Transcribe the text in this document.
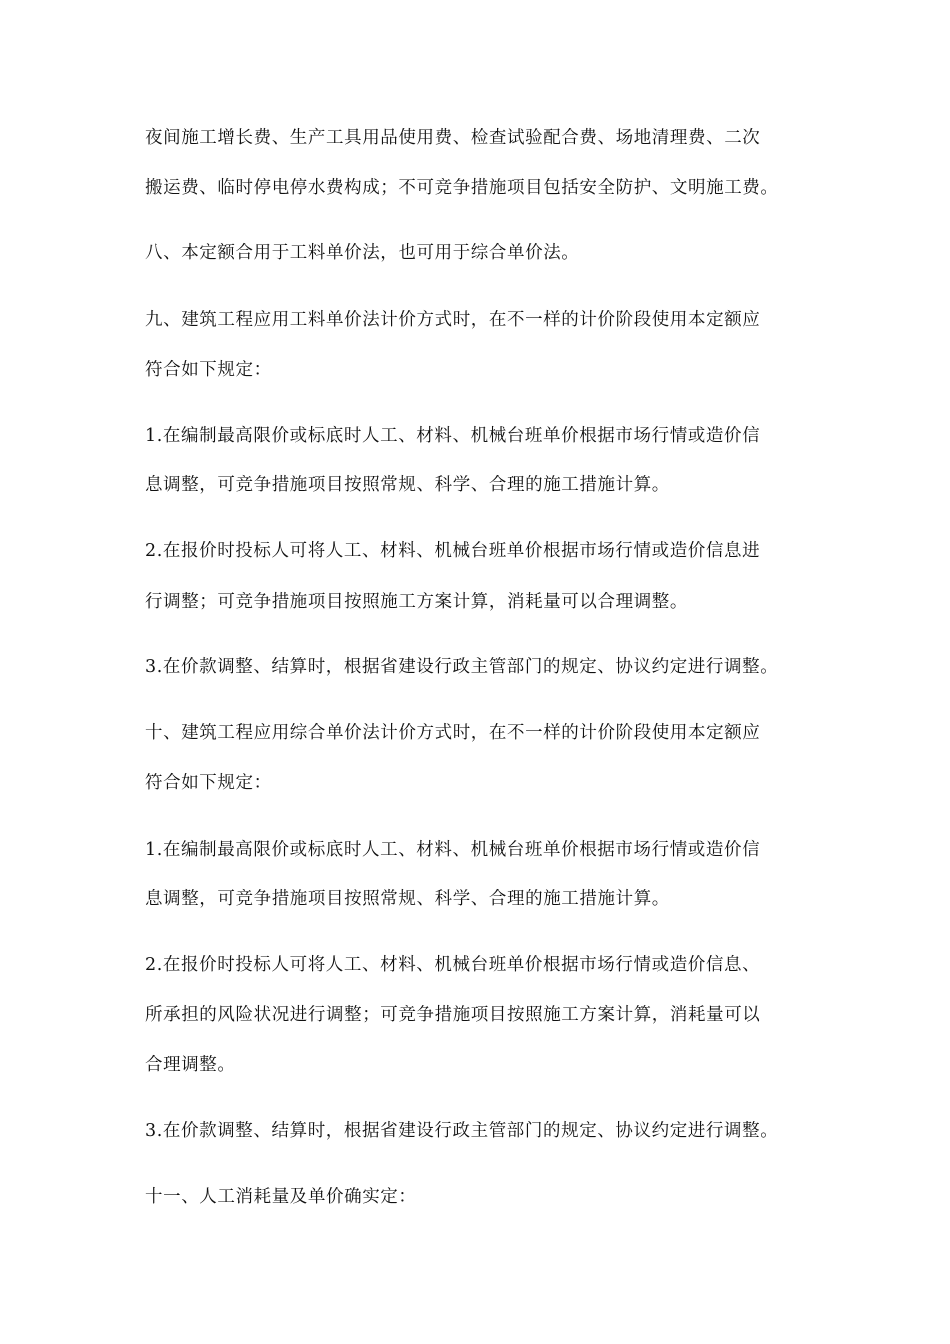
夜间施工增长费、生产工具用品使用费、检查试验配合费、场地清理费、二次
搬运费、临时停电停水费构成；不可竞争措施项目包括安全防护、文明施工费。
八、本定额合用于工料单价法，也可用于综合单价法。
九、建筑工程应用工料单价法计价方式时，在不一样的计价阶段使用本定额应
符合如下规定：
1.在编制最高限价或标底时人工、材料、机械台班单价根据市场行情或造价信
息调整，可竞争措施项目按照常规、科学、合理的施工措施计算。
2.在报价时投标人可将人工、材料、机械台班单价根据市场行情或造价信息进
行调整；可竞争措施项目按照施工方案计算，消耗量可以合理调整。
3.在价款调整、结算时，根据省建设行政主管部门的规定、协议约定进行调整。
十、建筑工程应用综合单价法计价方式时，在不一样的计价阶段使用本定额应
符合如下规定：
1.在编制最高限价或标底时人工、材料、机械台班单价根据市场行情或造价信
息调整，可竞争措施项目按照常规、科学、合理的施工措施计算。
2.在报价时投标人可将人工、材料、机械台班单价根据市场行情或造价信息、
所承担的风险状况进行调整；可竞争措施项目按照施工方案计算，消耗量可以
合理调整。
3.在价款调整、结算时，根据省建设行政主管部门的规定、协议约定进行调整。
十一、人工消耗量及单价确实定：
